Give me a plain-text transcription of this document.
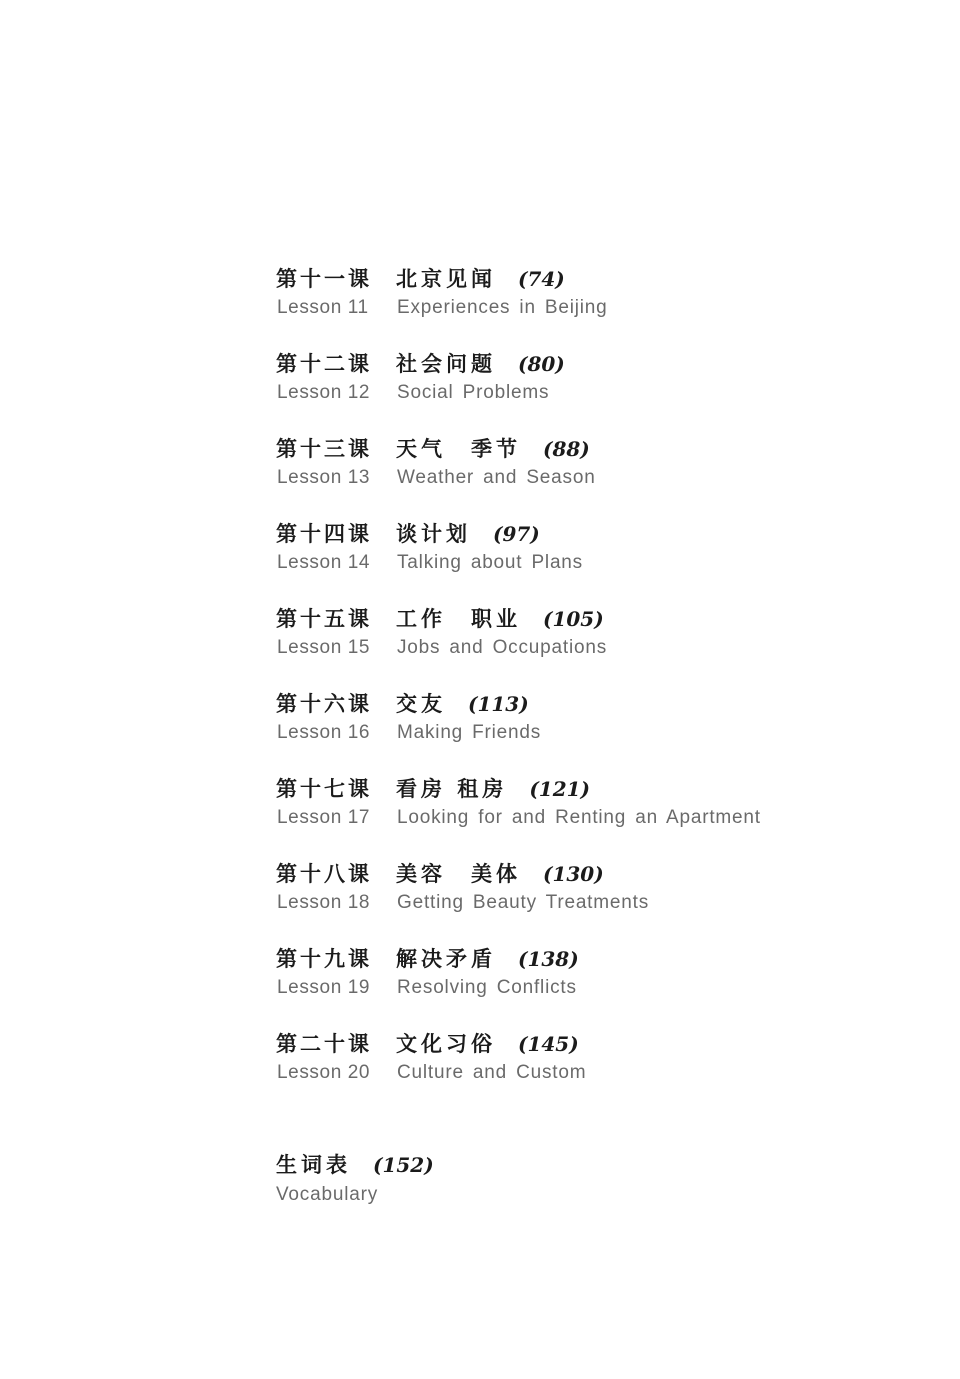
第十一课 北京见闻 (74)
Lesson 11 Experiences in Beijing
第十二课 社会问题 (80)
Lesson 12 Social Problems
第十三课 天气　季节 (88)
Lesson 13 Weather and Season
第十四课 谈计划 (97)
Lesson 14 Talking about Plans
第十五课 工作　职业 (105)
Lesson 15 Jobs and Occupations
第十六课 交友 (113)
Lesson 16 Making Friends
第十七课 看房 租房 (121)
Lesson 17 Looking for and Renting an Apartment
第十八课 美容　美体 (130)
Lesson 18 Getting Beauty Treatments
第十九课 解决矛盾 (138)
Lesson 19 Resolving Conflicts
第二十课 文化习俗 (145)
Lesson 20 Culture and Custom
生词表 (152)
Vocabulary
